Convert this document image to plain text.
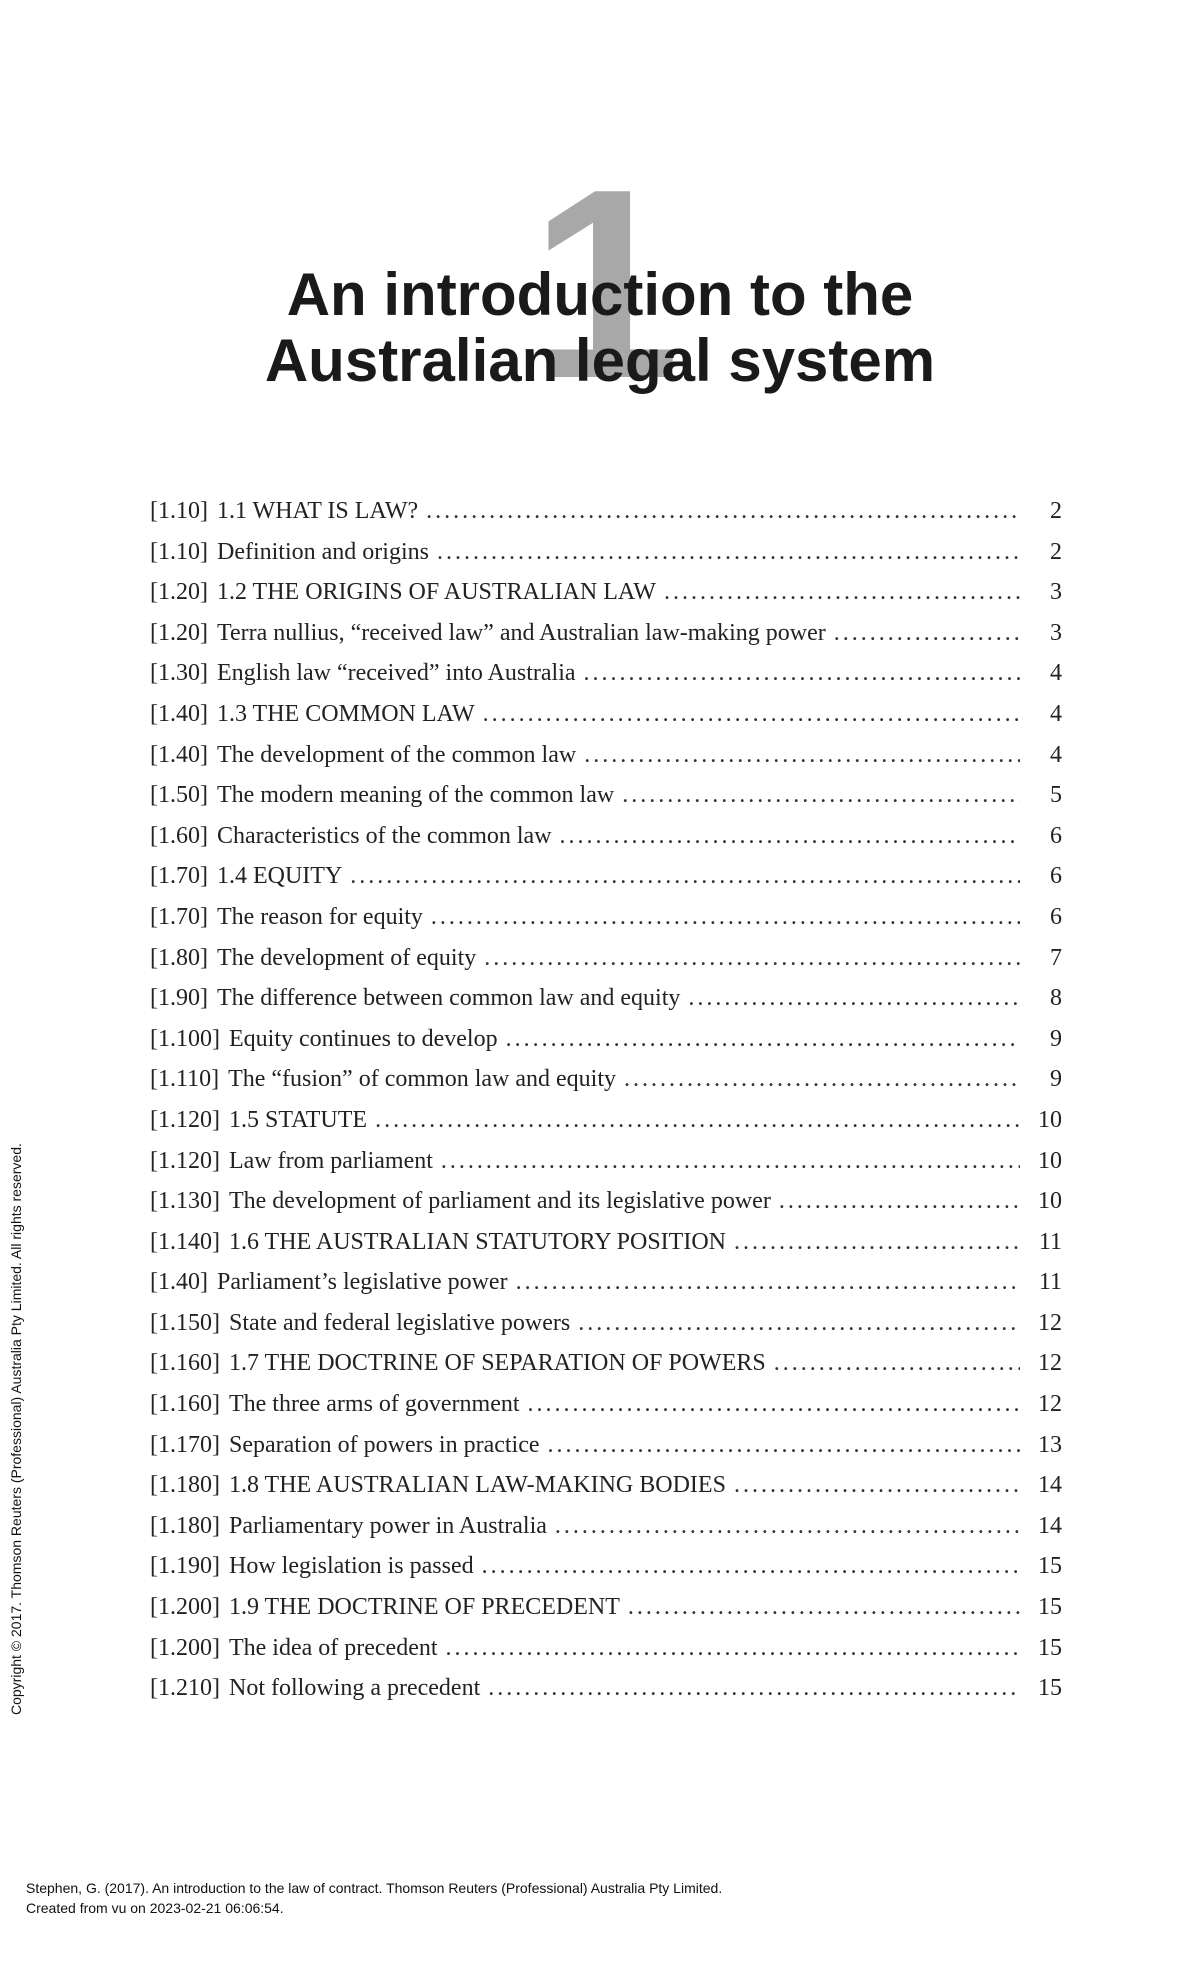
1
An introduction to the
Australian legal system
[1.10] 1.1 WHAT IS LAW? .....	2
[1.10] Definition and origins .....	2
[1.20] 1.2 THE ORIGINS OF AUSTRALIAN LAW .....	3
[1.20] Terra nullius, “received law” and Australian law-making power .....	3
[1.30] English law “received” into Australia .....	4
[1.40] 1.3 THE COMMON LAW .....	4
[1.40] The development of the common law .....	4
[1.50] The modern meaning of the common law .....	5
[1.60] Characteristics of the common law .....	6
[1.70] 1.4 EQUITY .....	6
[1.70] The reason for equity .....	6
[1.80] The development of equity .....	7
[1.90] The difference between common law and equity .....	8
[1.100] Equity continues to develop .....	9
[1.110] The “fusion” of common law and equity .....	9
[1.120] 1.5 STATUTE .....	10
[1.120] Law from parliament .....	10
[1.130] The development of parliament and its legislative power .....	10
[1.140] 1.6 THE AUSTRALIAN STATUTORY POSITION .....	11
[1.40] Parliament’s legislative power .....	11
[1.150] State and federal legislative powers .....	12
[1.160] 1.7 THE DOCTRINE OF SEPARATION OF POWERS .....	12
[1.160] The three arms of government .....	12
[1.170] Separation of powers in practice .....	13
[1.180] 1.8 THE AUSTRALIAN LAW-MAKING BODIES .....	14
[1.180] Parliamentary power in Australia .....	14
[1.190] How legislation is passed .....	15
[1.200] 1.9 THE DOCTRINE OF PRECEDENT .....	15
[1.200] The idea of precedent .....	15
[1.210] Not following a precedent .....	15
Copyright © 2017. Thomson Reuters (Professional) Australia Pty Limited. All rights reserved.
Stephen, G. (2017). An introduction to the law of contract. Thomson Reuters (Professional) Australia Pty Limited.
Created from vu on 2023-02-21 06:06:54.
